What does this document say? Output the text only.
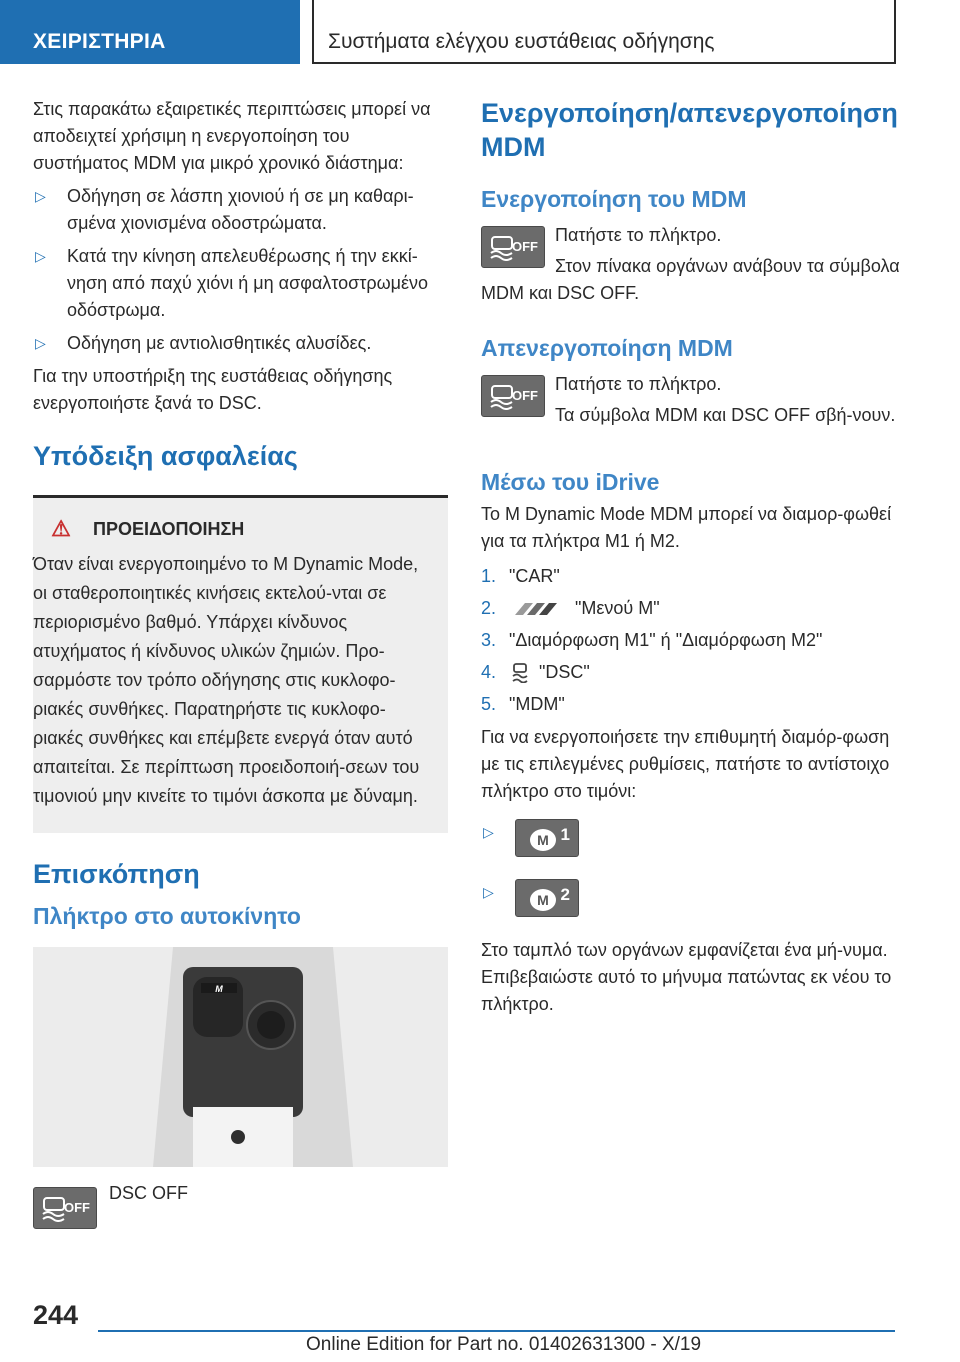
ΧΕΙΡΙΣΤΗΡΙΑ	Συστήματα ελέγχου ευστάθειας οδήγησης

Στις παρακάτω εξαιρετικές περιπτώσεις μπορεί να αποδειχτεί χρήσιμη η ενεργοποίηση του συστήματος MDM για μικρό χρονικό διάστημα:

▷ Οδήγηση σε λάσπη χιονιού ή σε μη καθαρι‐σμένα χιονισμένα οδοστρώματα.
▷ Κατά την κίνηση απελευθέρωσης ή την εκκί‐νηση από παχύ χιόνι ή μη ασφαλτοστρωμένο οδόστρωμα.
▷ Οδήγηση με αντιολισθητικές αλυσίδες.

Για την υποστήριξη της ευστάθειας οδήγησης ενεργοποιήστε ξανά το DSC.

Υπόδειξη ασφαλείας
⚠	ΠΡΟΕΙΔΟΠΟΙΗΣΗ

Όταν είναι ενεργοποιημένο το M Dynamic Mode, οι σταθεροποιητικές κινήσεις εκτελού‐νται σε περιορισμένο βαθμό. Υπάρχει κίνδυνος ατυχήματος ή κίνδυνος υλικών ζημιών. Προ‐σαρμόστε τον τρόπο οδήγησης στις κυκλοφο‐ριακές συνθήκες. Παρατηρήστε τις κυκλοφο‐ριακές συνθήκες και επέμβετε ενεργά όταν αυτό απαιτείται. Σε περίπτωση προειδοποιή‐σεων του τιμονιού μην κινείτε το τιμόνι άσκοπα με δύναμη.

Επισκόπηση
Πλήκτρο στο αυτοκίνητο
M
OFF
DSC OFF
Ενεργοποίηση/απενεργοποίηση MDM
Ενεργοποίηση του MDM
OFF

Πατήστε το πλήκτρο.

Στον πίνακα οργάνων ανάβουν τα σύμβολα MDM και DSC OFF.

Απενεργοποίηση MDM
OFF

Πατήστε το πλήκτρο.

Τα σύμβολα MDM και DSC OFF σβή‐νουν.

Μέσω του iDrive

Το M Dynamic Mode MDM μπορεί να διαμορ‐φωθεί για τα πλήκτρα M1 ή M2.

1. "CAR"
2.	"Μενού M"
3. "Διαμόρφωση M1" ή "Διαμόρφωση M2"
4.	"DSC"
5. "MDM"

Για να ενεργοποιήσετε την επιθυμητή διαμόρ‐φωση με τις επιλεγμένες ρυθμίσεις, πατήστε το αντίστοιχο πλήκτρο στο τιμόνι:

▷	M 1
▷	M 2

Στο ταμπλό των οργάνων εμφανίζεται ένα μή‐νυμα. Επιβεβαιώστε αυτό το μήνυμα πατώντας εκ νέου το πλήκτρο.

244
Online Edition for Part no. 01402631300 - X/19
